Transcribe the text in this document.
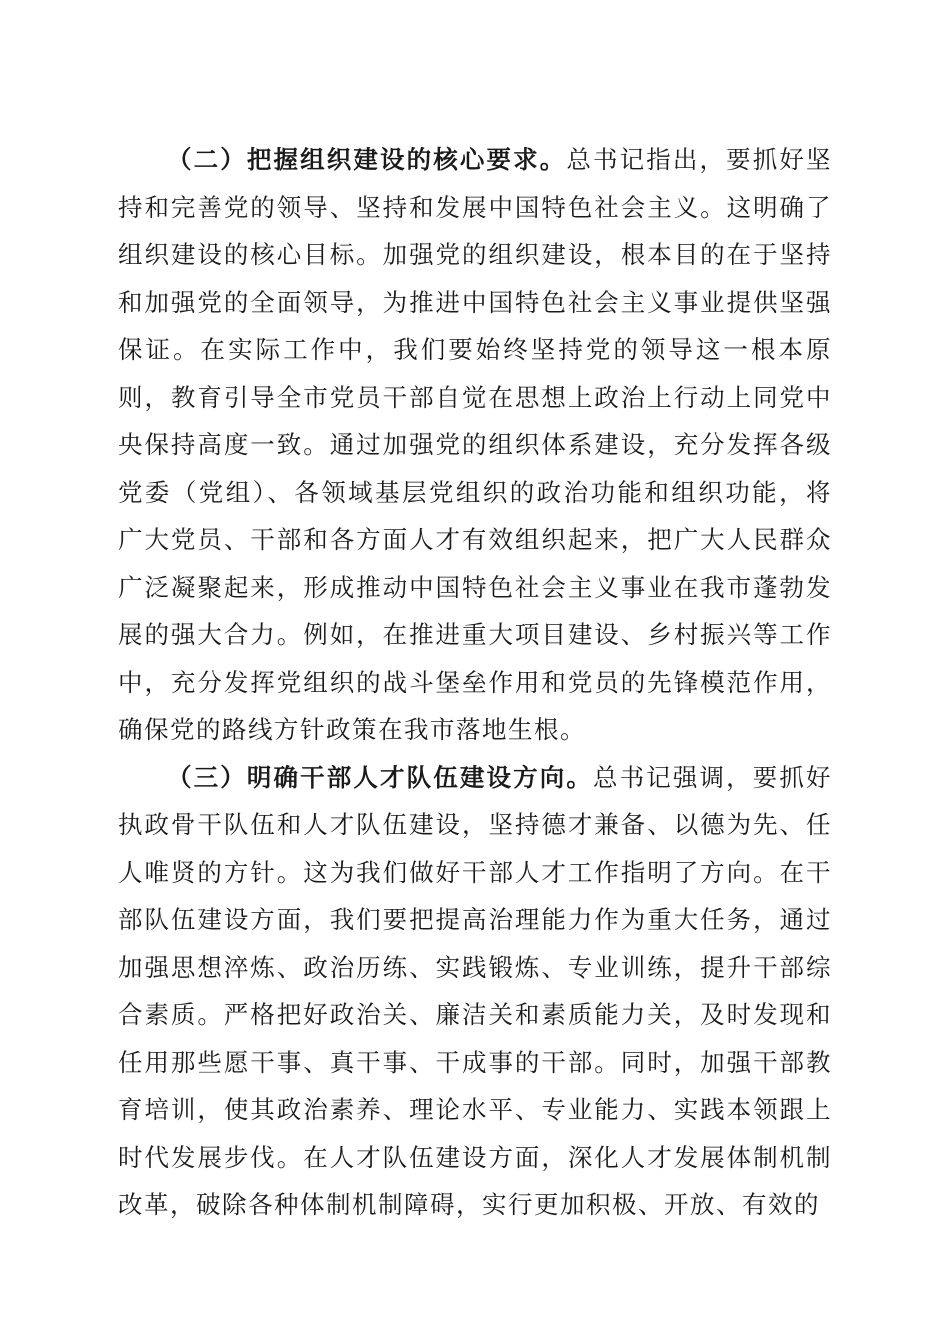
（二）把握组织建设的核心要求。总书记指出，要抓好坚持和完善党的领导、坚持和发展中国特色社会主义。这明确了组织建设的核心目标。加强党的组织建设，根本目的在于坚持和加强党的全面领导，为推进中国特色社会主义事业提供坚强保证。在实际工作中，我们要始终坚持党的领导这一根本原则，教育引导全市党员干部自觉在思想上政治上行动上同党中央保持高度一致。通过加强党的组织体系建设，充分发挥各级党委（党组）、各领域基层党组织的政治功能和组织功能，将广大党员、干部和各方面人才有效组织起来，把广大人民群众广泛凝聚起来，形成推动中国特色社会主义事业在我市蓬勃发展的强大合力。例如，在推进重大项目建设、乡村振兴等工作中，充分发挥党组织的战斗堡垒作用和党员的先锋模范作用，确保党的路线方针政策在我市落地生根。

（三）明确干部人才队伍建设方向。总书记强调，要抓好执政骨干队伍和人才队伍建设，坚持德才兼备、以德为先、任人唯贤的方针。这为我们做好干部人才工作指明了方向。在干部队伍建设方面，我们要把提高治理能力作为重大任务，通过加强思想淬炼、政治历练、实践锻炼、专业训练，提升干部综合素质。严格把好政治关、廉洁关和素质能力关，及时发现和任用那些愿干事、真干事、干成事的干部。同时，加强干部教育培训，使其政治素养、理论水平、专业能力、实践本领跟上时代发展步伐。在人才队伍建设方面，深化人才发展体制机制改革，破除各种体制机制障碍，实行更加积极、开放、有效的
